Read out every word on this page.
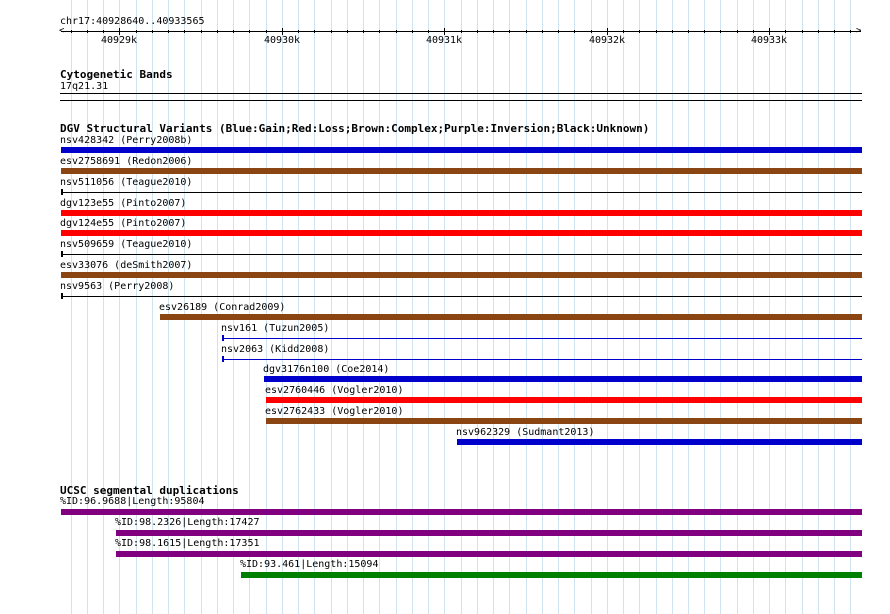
chr17:40928640..40933565
<	>
40929k	40930k	40931k	40932k	40933k
Cytogenetic Bands
17q21.31
DGV Structural Variants (Blue:Gain;Red:Loss;Brown:Complex;Purple:Inversion;Black:Unknown)
nsv428342 (Perry2008b)
esv2758691 (Redon2006)
nsv511056 (Teague2010)
dgv123e55 (Pinto2007)
dgv124e55 (Pinto2007)
nsv509659 (Teague2010)
esv33076 (deSmith2007)
nsv9563 (Perry2008)
esv26189 (Conrad2009)
nsv161 (Tuzun2005)
nsv2063 (Kidd2008)
dgv3176n100 (Coe2014)
esv2760446 (Vogler2010)
esv2762433 (Vogler2010)
nsv962329 (Sudmant2013)
UCSC segmental duplications
%ID:96.9688|Length:95804
%ID:98.2326|Length:17427
%ID:98.1615|Length:17351
%ID:93.461|Length:15094
